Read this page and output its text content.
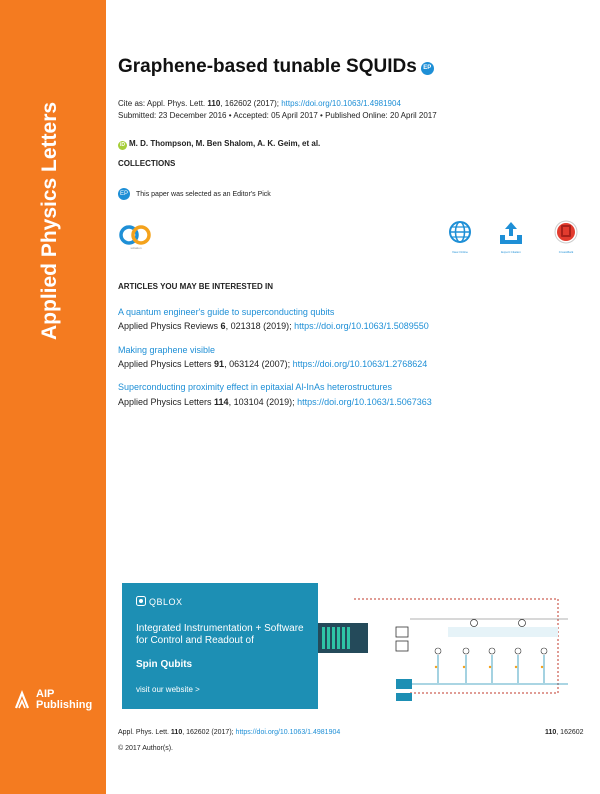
Applied Physics Letters
AIP
Publishing
Graphene-based tunable SQUIDs EP
Cite as: Appl. Phys. Lett. 110, 162602 (2017); https://doi.org/10.1063/1.4981904
Submitted: 23 December 2016 • Accepted: 05 April 2017 • Published Online: 20 April 2017
iD M. D. Thompson, M. Ben Shalom, A. K. Geim, et al.
COLLECTIONS
EP This paper was selected as an Editor's Pick
scitation
View Online	Export Citation	CrossMark
ARTICLES YOU MAY BE INTERESTED IN
A quantum engineer's guide to superconducting qubits
Applied Physics Reviews 6, 021318 (2019); https://doi.org/10.1063/1.5089550
Making graphene visible
Applied Physics Letters 91, 063124 (2007); https://doi.org/10.1063/1.2768624
Superconducting proximity effect in epitaxial Al-InAs heterostructures
Applied Physics Letters 114, 103104 (2019); https://doi.org/10.1063/1.5067363
QBLOX
Integrated Instrumentation + Software for Control and Readout of
Spin Qubits
visit our website >
Appl. Phys. Lett. 110, 162602 (2017); https://doi.org/10.1063/1.4981904	110, 162602
© 2017 Author(s).
